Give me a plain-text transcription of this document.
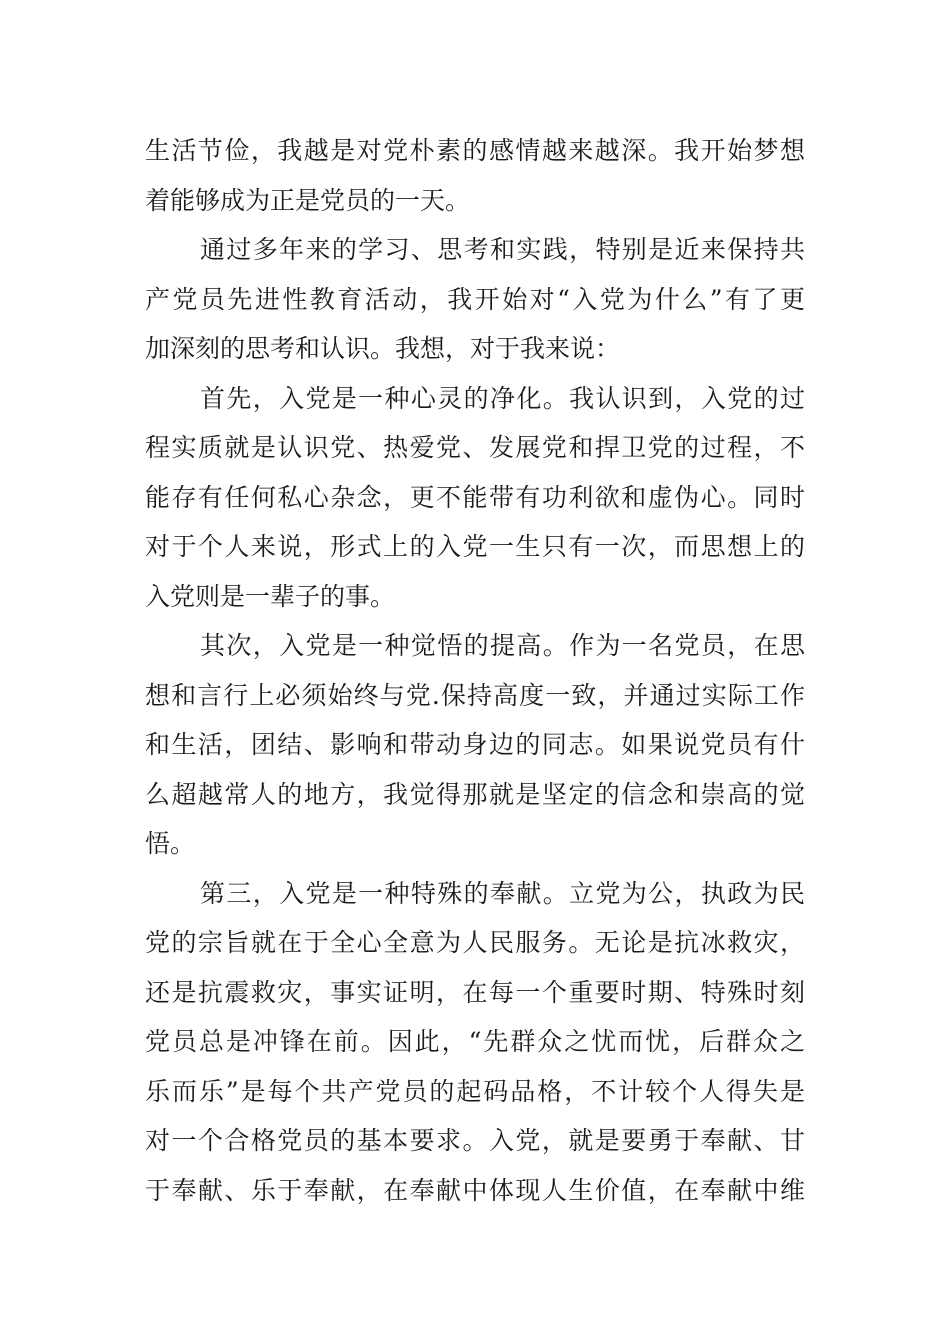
生活节俭，我越是对党朴素的感情越来越深。我开始梦想
着能够成为正是党员的一天。
通过多年来的学习、思考和实践，特别是近来保持共
产党员先进性教育活动，我开始对“入党为什么”有了更
加深刻的思考和认识。我想，对于我来说：
首先，入党是一种心灵的净化。我认识到，入党的过
程实质就是认识党、热爱党、发展党和捍卫党的过程，不
能存有任何私心杂念，更不能带有功利欲和虚伪心。同时
对于个人来说，形式上的入党一生只有一次，而思想上的
入党则是一辈子的事。
其次，入党是一种觉悟的提高。作为一名党员，在思
想和言行上必须始终与党.保持高度一致，并通过实际工作
和生活，团结、影响和带动身边的同志。如果说党员有什
么超越常人的地方，我觉得那就是坚定的信念和崇高的觉
悟。
第三，入党是一种特殊的奉献。立党为公，执政为民
党的宗旨就在于全心全意为人民服务。无论是抗冰救灾，
还是抗震救灾，事实证明，在每一个重要时期、特殊时刻
党员总是冲锋在前。因此，“先群众之忧而忧，后群众之
乐而乐”是每个共产党员的起码品格，不计较个人得失是
对一个合格党员的基本要求。入党，就是要勇于奉献、甘
于奉献、乐于奉献，在奉献中体现人生价值，在奉献中维
